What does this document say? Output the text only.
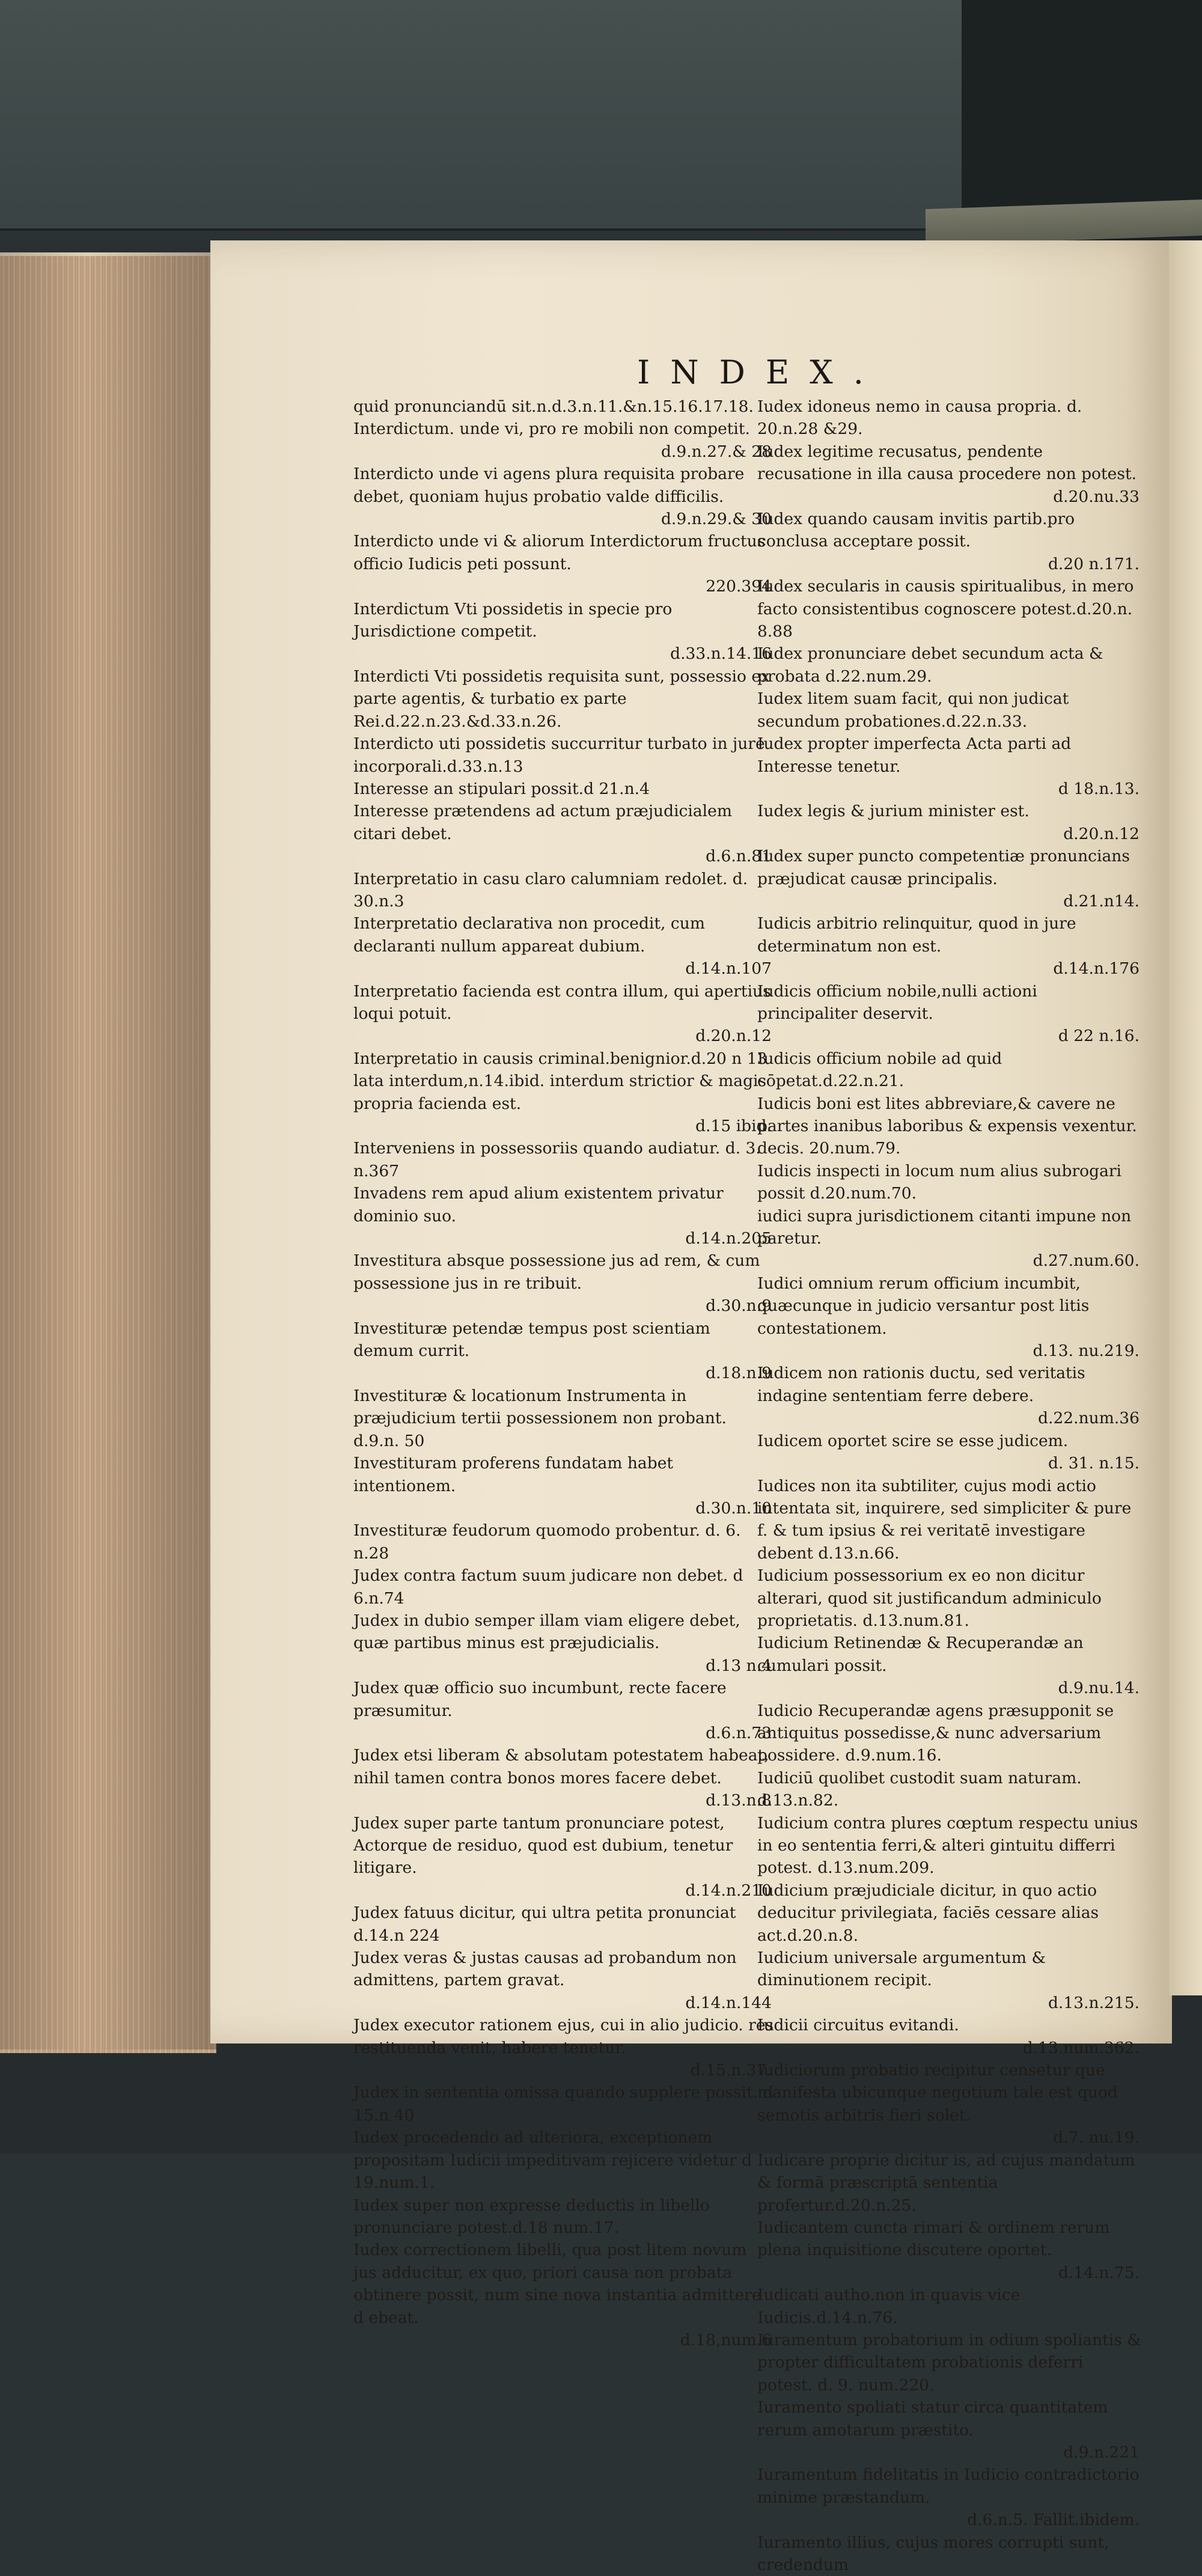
INDEX.

quid pronunciandū sit.n.d.3.n.11.&n.15.16.17.18.

Interdictum. unde vi, pro re mobili non competit.
d.9.n.27.& 28

Interdicto unde vi agens plura requisita probare debet, quoniam hujus probatio valde difficilis.
d.9.n.29.& 30

Interdicto unde vi & aliorum Interdictorum fructus officio Iudicis peti possunt.
220.394

Interdictum Vti possidetis in specie pro Jurisdictione competit.
d.33.n.14.16

Interdicti Vti possidetis requisita sunt, possessio ex parte agentis, & turbatio ex parte Rei.d.22.n.23.&d.33.n.26.

Interdicto uti possidetis succurritur turbato in jure incorporali.d.33.n.13

Interesse an stipulari possit.d 21.n.4

Interesse prætendens ad actum præjudicialem citari debet.
d.6.n.81

Interpretatio in casu claro calumniam redolet. d. 30.n.3

Interpretatio declarativa non procedit, cum declaranti nullum appareat dubium.
d.14.n.107

Interpretatio facienda est contra illum, qui apertius loqui potuit.
d.20.n.12

Interpretatio in causis criminal.benignior.d.20 n 13 lata interdum,n.14.ibid. interdum strictior & magis propria facienda est.
d.15 ibid.

Interveniens in possessoriis quando audiatur. d. 3. n.367

Invadens rem apud alium existentem privatur dominio suo.
d.14.n.205

Investitura absque possessione jus ad rem, & cum possessione jus in re tribuit.
d.30.n.9

Investituræ petendæ tempus post scientiam demum currit.
d.18.n.9

Investituræ & locationum Instrumenta in præjudicium tertii possessionem non probant. d.9.n. 50

Investituram proferens fundatam habet intentionem.
d.30.n.10

Investituræ feudorum quomodo probentur. d. 6. n.28

Judex contra factum suum judicare non debet. d 6.n.74

Judex in dubio semper illam viam eligere debet, quæ partibus minus est præjudicialis.
d.13 n.4

Judex quæ officio suo incumbunt, recte facere præsumitur.
d.6.n.73

Judex etsi liberam & absolutam potestatem habeat, nihil tamen contra bonos mores facere debet.
d.13.n.8

Judex super parte tantum pronunciare potest, Actorque de residuo, quod est dubium, tenetur litigare.
d.14.n.210

Judex fatuus dicitur, qui ultra petita pronunciat d.14.n 224

Judex veras & justas causas ad probandum non admittens, partem gravat.
d.14.n.144

Judex executor rationem ejus, cui in alio judicio. res restituenda venit, habere tenetur.
d.15.n.37.

Judex in sententia omissa quando supplere possit. d 15.n 40

Iudex procedendo ad ulteriora, exceptionem propositam Iudicii impeditivam rejicere videtur d 19.num.1.

Iudex super non expresse deductis in libello pronunciare potest.d.18 num.17.

Iudex correctionem libelli, qua post litem novum jus adducitur, ex quo, priori causa non probata obtinere possit, num sine nova instantia admittere d ebeat.
d.18,num.6

Iudex idoneus nemo in causa propria. d. 20.n.28 &29.

Iudex legitime recusatus, pendente recusatione in illa causa procedere non potest.
d.20.nu.33

Iudex quando causam invitis partib.pro conclusa acceptare possit.
d.20 n.171.

Iudex secularis in causis spiritualibus, in mero facto consistentibus cognoscere potest.d.20.n. 8.88

Iudex pronunciare debet secundum acta & probata d.22.num.29.

Iudex litem suam facit, qui non judicat secundum probationes.d.22.n.33.

Iudex propter imperfecta Acta parti ad Interesse tenetur.
d 18.n.13.

Iudex legis & jurium minister est.
d.20.n.12

Iudex super puncto competentiæ pronuncians præjudicat causæ principalis.
d.21.n14.

Iudicis arbitrio relinquitur, quod in jure determinatum non est.
d.14.n.176

Iudicis officium nobile,nulli actioni principaliter deservit.
d 22 n.16.

Iudicis officium nobile ad quid cōpetat.d.22.n.21.

Iudicis boni est lites abbreviare,& cavere ne partes inanibus laboribus & expensis vexentur. decis. 20.num.79.

Iudicis inspecti in locum num alius subrogari possit d.20.num.70.

iudici supra jurisdictionem citanti impune non paretur.
d.27.num.60.

Iudici omnium rerum officium incumbit, quæcunque in judicio versantur post litis contestationem.
d.13. nu.219.

Iudicem non rationis ductu, sed veritatis indagine sententiam ferre debere.
d.22.num.36

Iudicem oportet scire se esse judicem.
d. 31. n.15.

Iudices non ita subtiliter, cujus modi actio intentata sit, inquirere, sed simpliciter & pure f. & tum ipsius & rei veritatē investigare debent d.13.n.66.

Iudicium possessorium ex eo non dicitur alterari, quod sit justificandum adminiculo proprietatis. d.13.num.81.

Iudicium Retinendæ & Recuperandæ an cumulari possit.
d.9.nu.14.

Iudicio Recuperandæ agens præsupponit se antiquitus possedisse,& nunc adversarium possidere. d.9.num.16.

Iudiciū quolibet custodit suam naturam. d.13.n.82.

Iudicium contra plures cœptum respectu unius in eo sententia ferri,& alteri gintuitu differri potest. d.13.num.209.

Iudicium præjudiciale dicitur, in quo actio deducitur privilegiata, faciēs cessare alias act.d.20.n.8.

Iudicium universale argumentum & diminutionem recipit.
d.13.n.215.

Iudicii circuitus evitandi.
d.13.num.362.

Iudiciorum probatio recipitur censetur que manifesta ubicunque negotium tale est quod semotis arbitris fieri solet.
d.7. nu.19.

Iudicare proprie dicitur is, ad cujus mandatum & formā præscriptā sententia profertur.d.20.n.25.

Iudicantem cuncta rimari & ordinem rerum plena inquisitione discutere oportet.
d.14.n.75.

Iudicati autho.non in quavis vice Iudicis.d.14.n.76.

Iuramentum probatorium in odium spoliantis & propter difficultatem probationis deferri potest. d. 9. num.220.

Iuramento spoliati statur circa quantitatem rerum amotarum præstito.
d.9.n.221

Iuramentum fidelitatis in Iudicio contradictorio minime præstandum.
d.6.n.5. Fallit.ibidem.

Iuramento illius, cujus mores corrupti sunt, credendum
